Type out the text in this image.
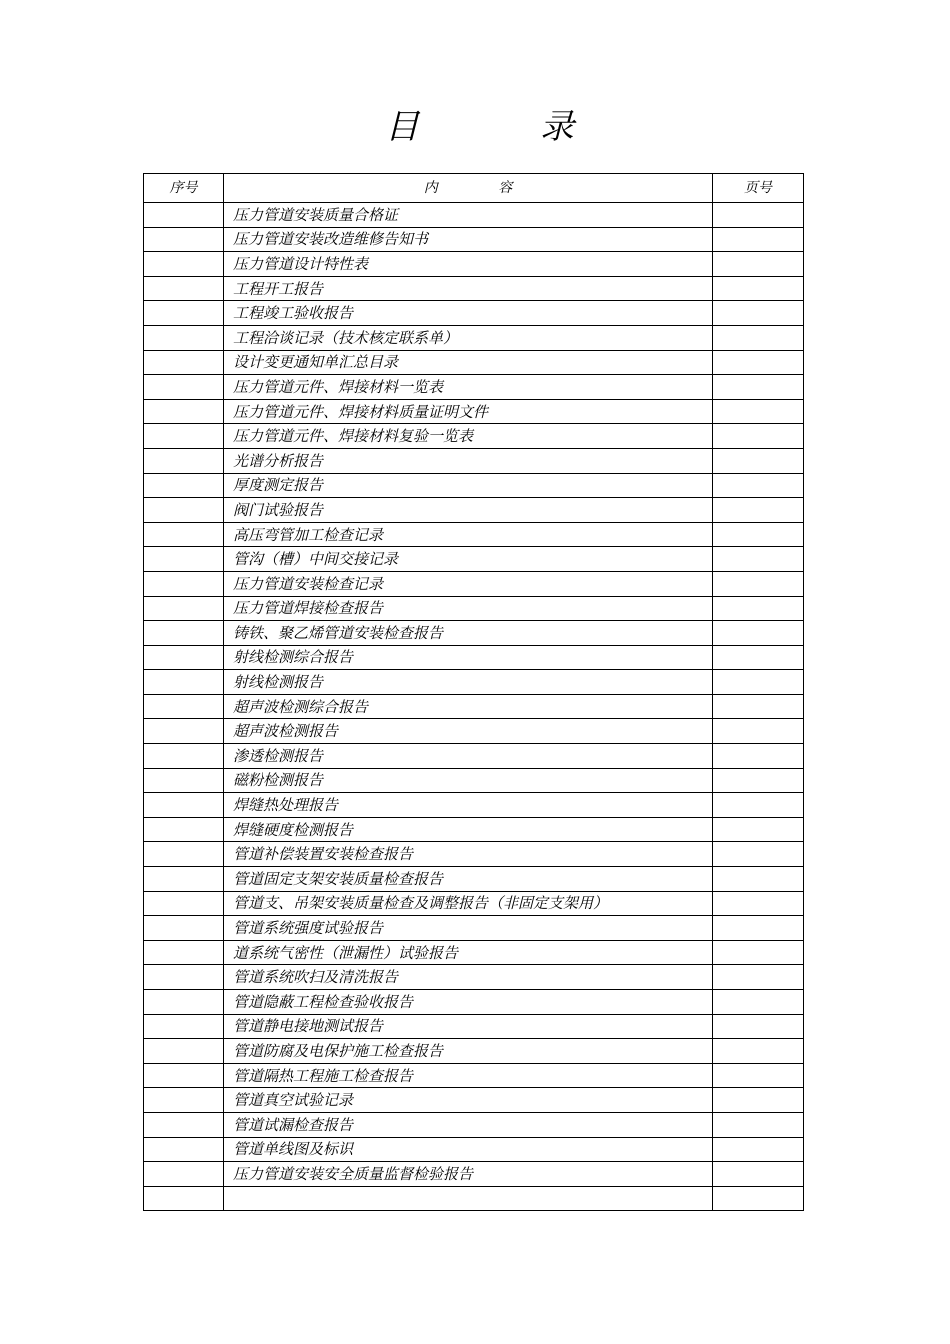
目	录
序号	内 容	页号
	压力管道安装质量合格证	
	压力管道安装改造维修告知书	
	压力管道设计特性表	
	工程开工报告	
	工程竣工验收报告	
	工程洽谈记录（技术核定联系单）	
	设计变更通知单汇总目录	
	压力管道元件、焊接材料一览表	
	压力管道元件、焊接材料质量证明文件	
	压力管道元件、焊接材料复验一览表	
	光谱分析报告	
	厚度测定报告	
	阀门试验报告	
	高压弯管加工检查记录	
	管沟（槽）中间交接记录	
	压力管道安装检查记录	
	压力管道焊接检查报告	
	铸铁、聚乙烯管道安装检查报告	
	射线检测综合报告	
	射线检测报告	
	超声波检测综合报告	
	超声波检测报告	
	渗透检测报告	
	磁粉检测报告	
	焊缝热处理报告	
	焊缝硬度检测报告	
	管道补偿装置安装检查报告	
	管道固定支架安装质量检查报告	
	管道支、吊架安装质量检查及调整报告（非固定支架用）	
	管道系统强度试验报告	
	道系统气密性（泄漏性）试验报告	
	管道系统吹扫及清洗报告	
	管道隐蔽工程检查验收报告	
	管道静电接地测试报告	
	管道防腐及电保护施工检查报告	
	管道隔热工程施工检查报告	
	管道真空试验记录	
	管道试漏检查报告	
	管道单线图及标识	
	压力管道安装安全质量监督检验报告	
